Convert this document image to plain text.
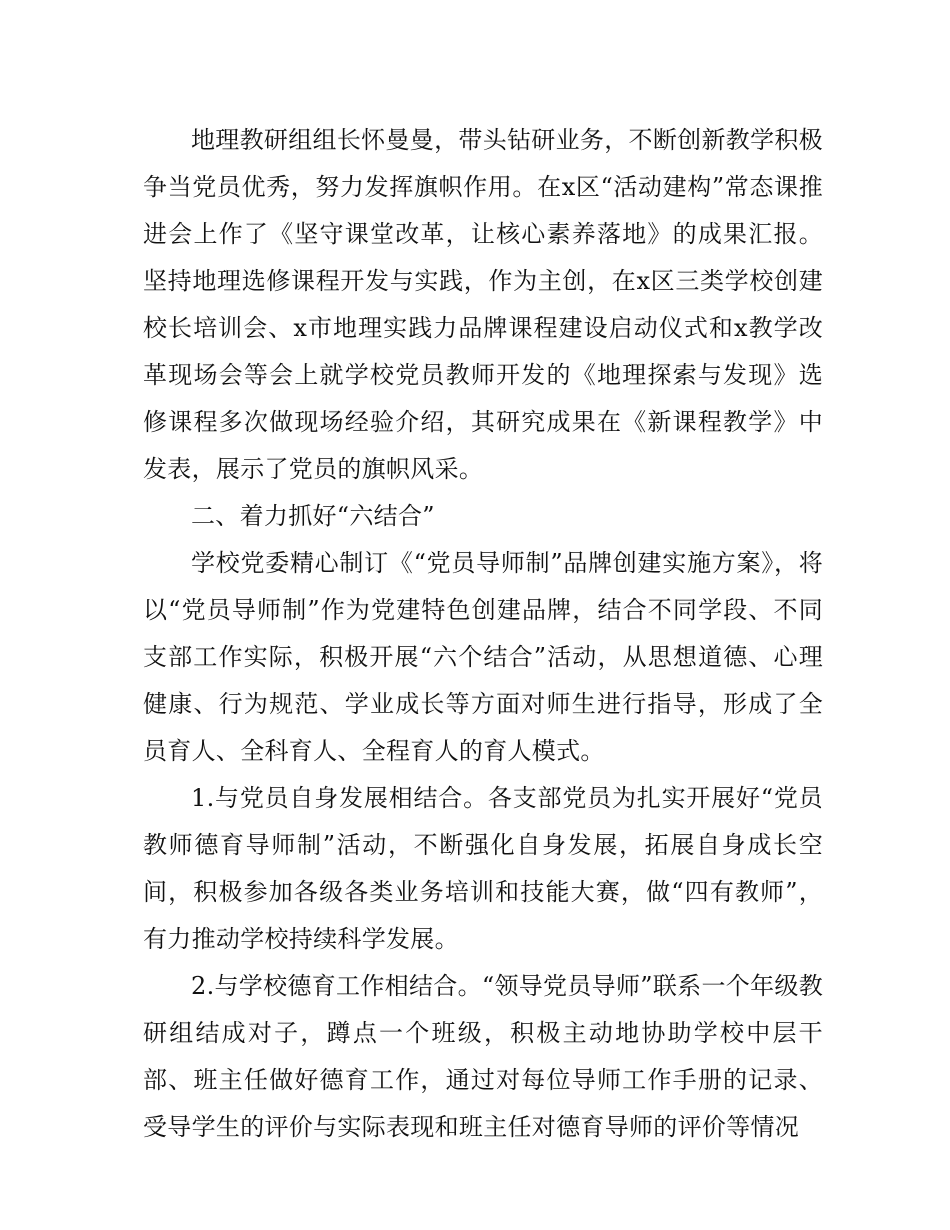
地理教研组组长怀曼曼，带头钻研业务，不断创新教学积极争当党员优秀，努力发挥旗帜作用。在x区“活动建构”常态课推进会上作了《坚守课堂改革，让核心素养落地》的成果汇报。坚持地理选修课程开发与实践，作为主创，在x区三类学校创建校长培训会、x市地理实践力品牌课程建设启动仪式和x教学改革现场会等会上就学校党员教师开发的《地理探索与发现》选修课程多次做现场经验介绍，其研究成果在《新课程教学》中发表，展示了党员的旗帜风采。

二、着力抓好“六结合”

学校党委精心制订《“党员导师制”品牌创建实施方案》，将以“党员导师制”作为党建特色创建品牌，结合不同学段、不同支部工作实际，积极开展“六个结合”活动，从思想道德、心理健康、行为规范、学业成长等方面对师生进行指导，形成了全员育人、全科育人、全程育人的育人模式。

1.与党员自身发展相结合。各支部党员为扎实开展好“党员教师德育导师制”活动，不断强化自身发展，拓展自身成长空间，积极参加各级各类业务培训和技能大赛，做“四有教师”，有力推动学校持续科学发展。

2.与学校德育工作相结合。“领导党员导师”联系一个年级教研组结成对子，蹲点一个班级，积极主动地协助学校中层干部、班主任做好德育工作，通过对每位导师工作手册的记录、受导学生的评价与实际表现和班主任对德育导师的评价等情况
